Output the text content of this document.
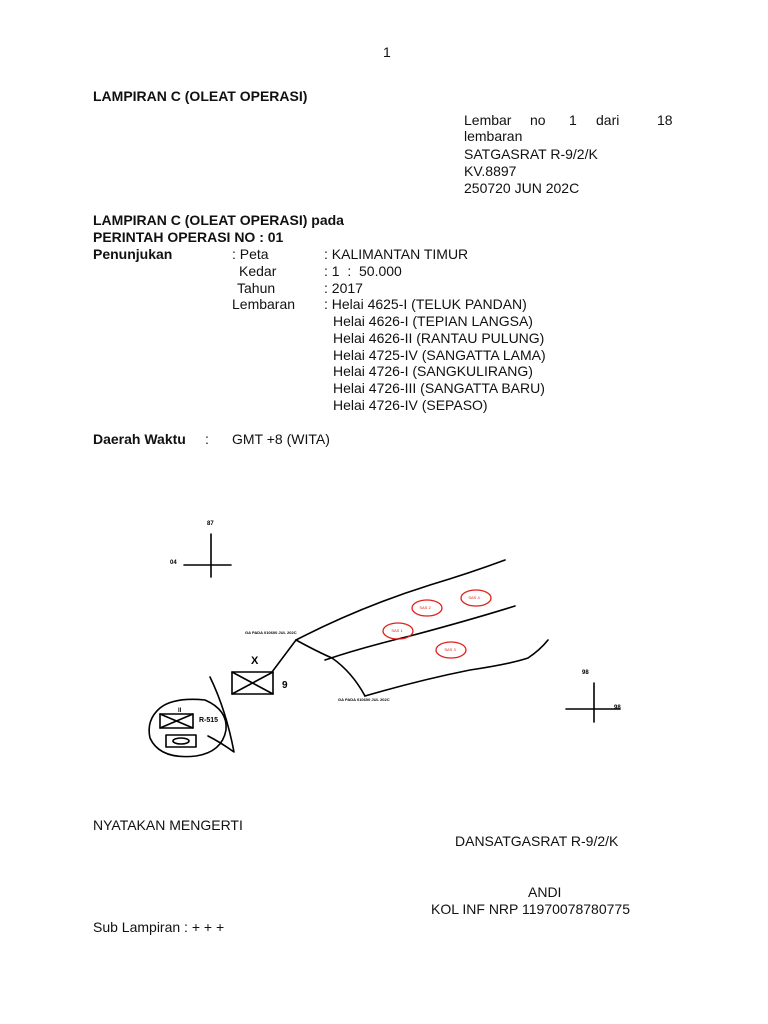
1
LAMPIRAN C (OLEAT OPERASI)
Lembar no 1 dari	18
lembaran
SATGASRAT R-9/2/K
KV.8897
250720 JUN 202C
LAMPIRAN C (OLEAT OPERASI) pada
PERINTAH OPERASI NO : 01
Penunjukan	: Peta	: KALIMANTAN TIMUR
Kedar	: 1  :  50.000
Tahun	: 2017
Lembaran : Helai 4625-I (TELUK PANDAN)
Helai 4626-I (TEPIAN LANGSA)
Helai 4626-II (RANTAU PULUNG)
Helai 4725-IV (SANGATTA LAMA)
Helai 4726-I (SANGKULIRANG)
Helai 4726-III (SANGATTA BARU)
Helai 4726-IV (SEPASO)
Daerah Waktu : GMT +8 (WITA)
SAS 2
SAS 4
SAS 1
SAS 3
87
04
98
98
GA PADA 010600 JUL 202C
GA PADA 010600 JUL 202C
X
9
II
R-515
NYATAKAN MENGERTI
DANSATGASRAT R-9/2/K
ANDI
KOL INF NRP 11970078780775
Sub Lampiran : + + +
